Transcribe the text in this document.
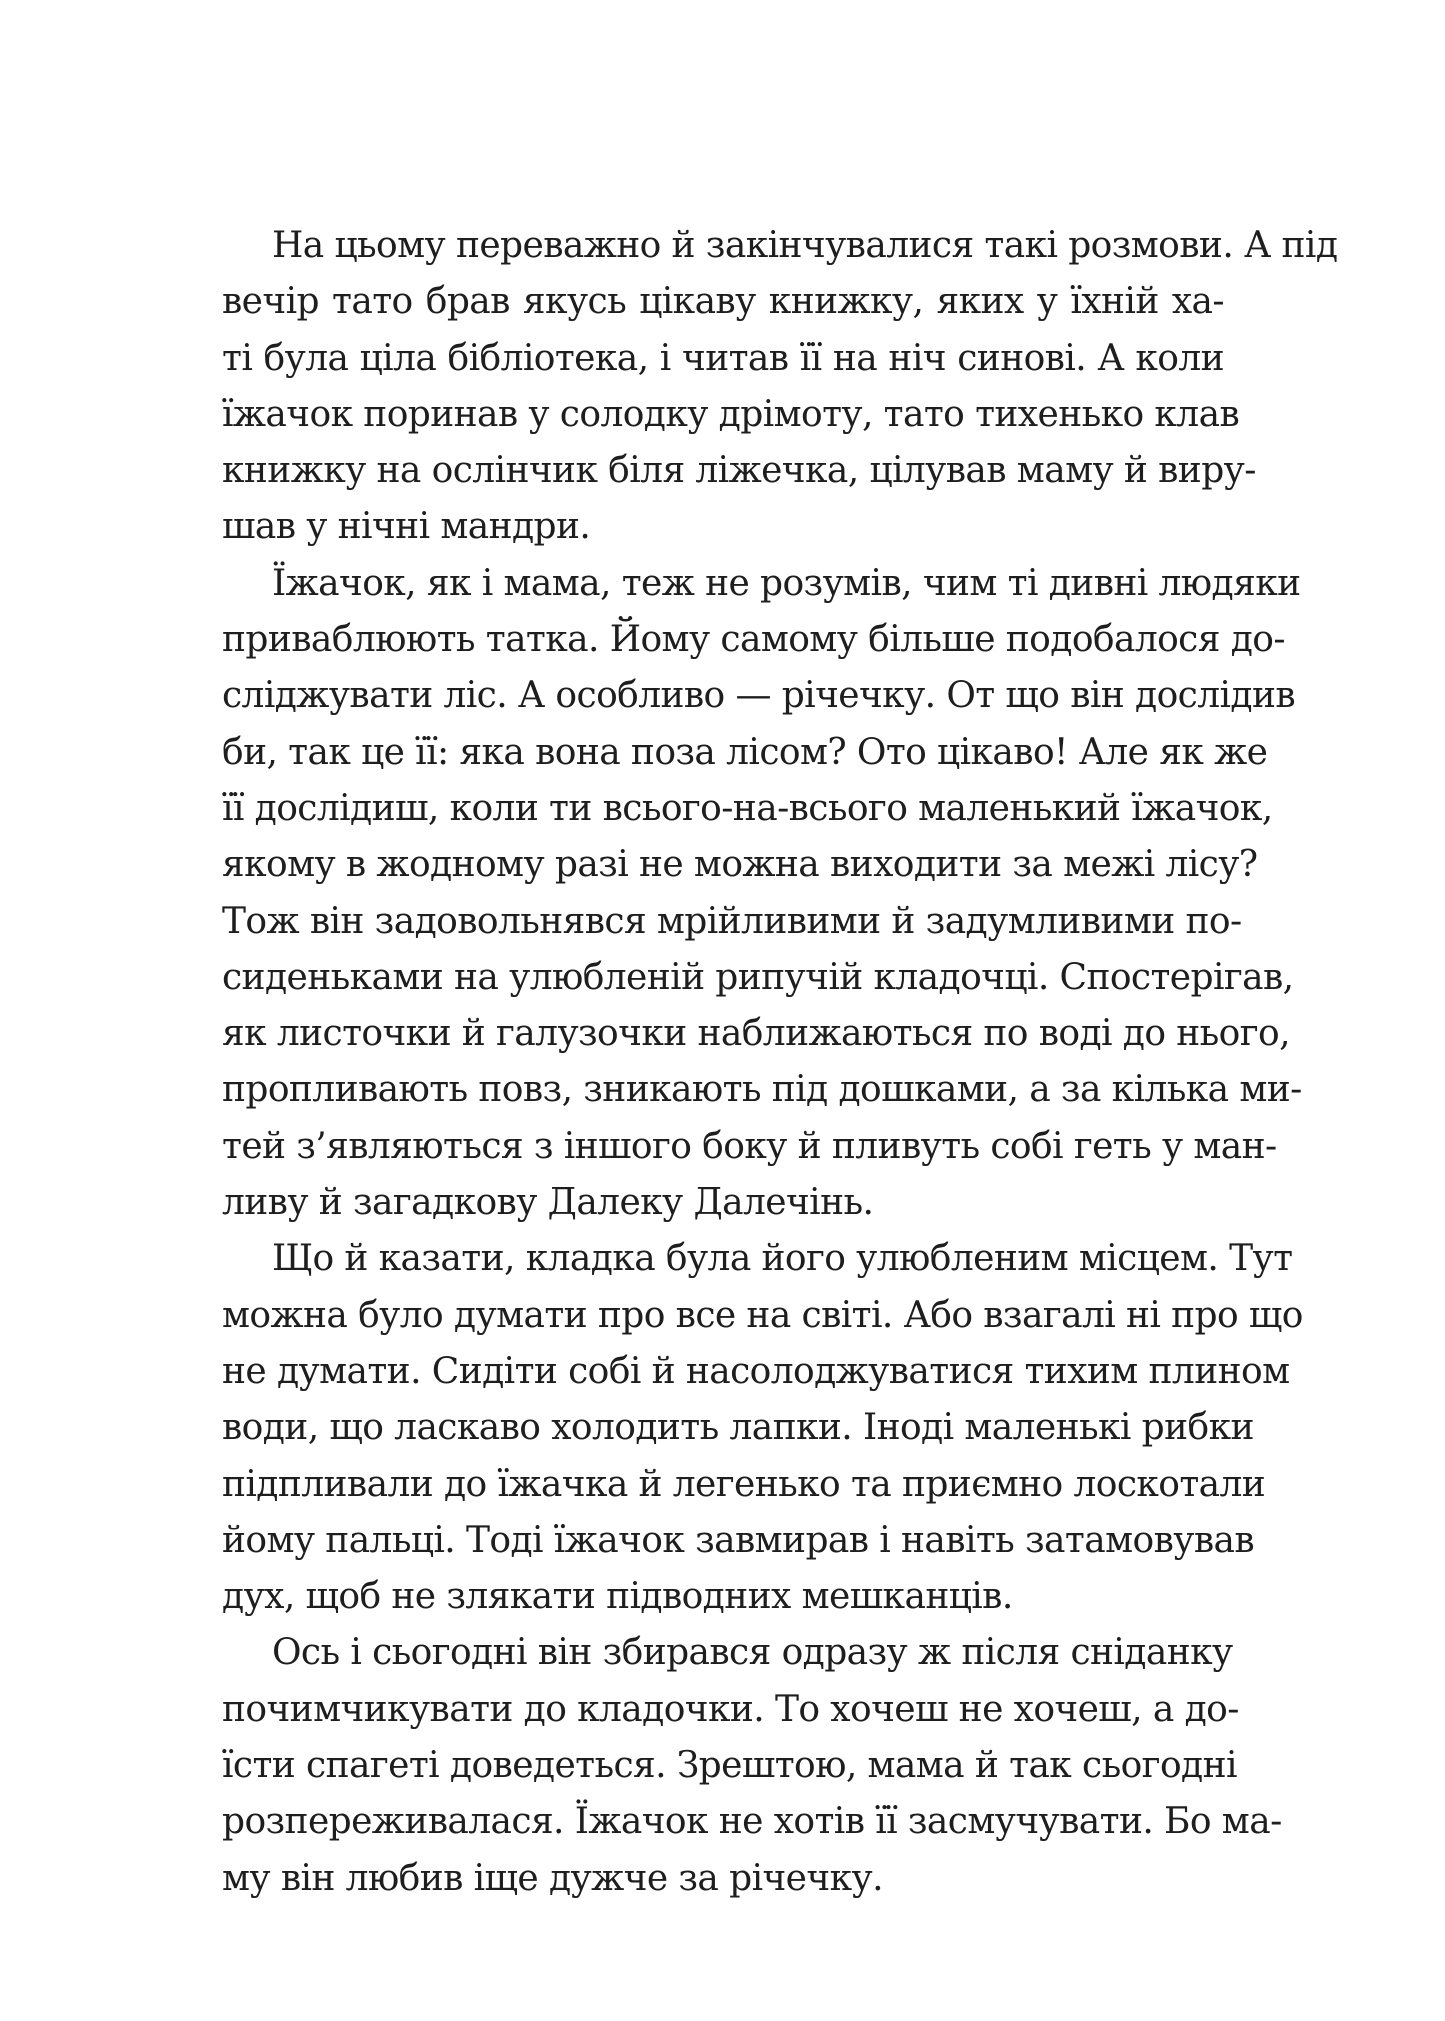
На цьому переважно й закінчувалися такі розмови. А під
вечір тато брав якусь цікаву книжку, яких у їхній ха-
ті була ціла бібліотека, і читав її на ніч синові. А коли
їжачок поринав у солодку дрімоту, тато тихенько клав
книжку на ослінчик біля ліжечка, цілував маму й виру-
шав у нічні мандри.
Їжачок, як і мама, теж не розумів, чим ті дивні людяки
приваблюють татка. Йому самому більше подобалося до-
сліджувати ліс. А особливо — річечку. От що він дослідив
би, так це її: яка вона поза лісом? Ото цікаво! Але як же
її дослідиш, коли ти всього-на-всього маленький їжачок,
якому в жодному разі не можна виходити за межі лісу?
Тож він задовольнявся мрійливими й задумливими по-
сиденьками на улюбленій рипучій кладочці. Спостерігав,
як листочки й галузочки наближаються по воді до нього,
пропливають повз, зникають під дошками, а за кілька ми-
тей з’являються з іншого боку й пливуть собі геть у ман-
ливу й загадкову Далеку Далечінь.
Що й казати, кладка була його улюбленим місцем. Тут
можна було думати про все на світі. Або взагалі ні про що
не думати. Сидіти собі й насолоджуватися тихим плином
води, що ласкаво холодить лапки. Іноді маленькі рибки
підпливали до їжачка й легенько та приємно лоскотали
йому пальці. Тоді їжачок завмирав і навіть затамовував
дух, щоб не злякати підводних мешканців.
Ось і сьогодні він збирався одразу ж після сніданку
почимчикувати до кладочки. То хочеш не хочеш, а до-
їсти спагеті доведеться. Зрештою, мама й так сьогодні
розпереживалася. Їжачок не хотів її засмучувати. Бо ма-
му він любив іще дужче за річечку.
